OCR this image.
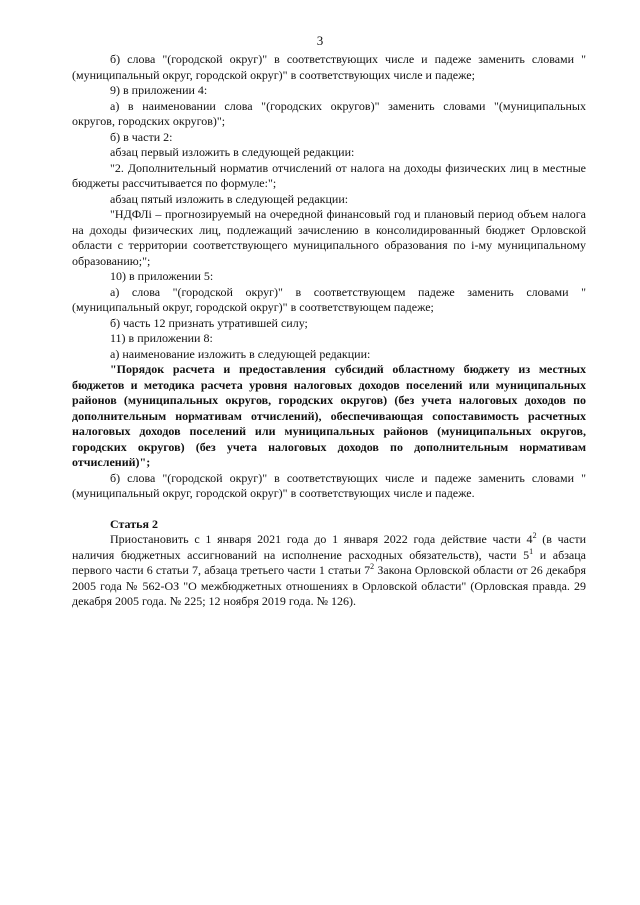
3

б) слова "(городской округ)" в соответствующих числе и падеже заменить словами "(муниципальный округ, городской округ)" в соответствующих числе и падеже;

9) в приложении 4:

а) в наименовании слова "(городских округов)" заменить словами "(муниципальных округов, городских округов)";

б) в части 2:

абзац первый изложить в следующей редакции:

"2. Дополнительный норматив отчислений от налога на доходы физических лиц в местные бюджеты рассчитывается по формуле:";

абзац пятый изложить в следующей редакции:

"НДФЛi – прогнозируемый на очередной финансовый год и плановый период объем налога на доходы физических лиц, подлежащий зачислению в консолидированный бюджет Орловской области с территории соответствующего муниципального образования по i-му муниципальному образованию;";

10) в приложении 5:

а) слова "(городской округ)" в соответствующем падеже заменить словами "(муниципальный округ, городской округ)" в соответствующем падеже;

б) часть 12 признать утратившей силу;

11) в приложении 8:

а) наименование изложить в следующей редакции:

"Порядок расчета и предоставления субсидий областному бюджету из местных бюджетов и методика расчета уровня налоговых доходов поселений или муниципальных районов (муниципальных округов, городских округов) (без учета налоговых доходов по дополнительным нормативам отчислений), обеспечивающая сопоставимость расчетных налоговых доходов поселений или муниципальных районов (муниципальных округов, городских округов) (без учета налоговых доходов по дополнительным нормативам отчислений)";

б) слова "(городской округ)" в соответствующих числе и падеже заменить словами "(муниципальный округ, городской округ)" в соответствующих числе и падеже.

Статья 2

Приостановить с 1 января 2021 года до 1 января 2022 года действие части $4^2$ (в части наличия бюджетных ассигнований на исполнение расходных обязательств), части $5^1$ и абзаца первого части 6 статьи 7, абзаца третьего части 1 статьи $7^2$ Закона Орловской области от 26 декабря 2005 года № 562-ОЗ "О межбюджетных отношениях в Орловской области" (Орловская правда. 29 декабря 2005 года. № 225; 12 ноября 2019 года. № 126).
